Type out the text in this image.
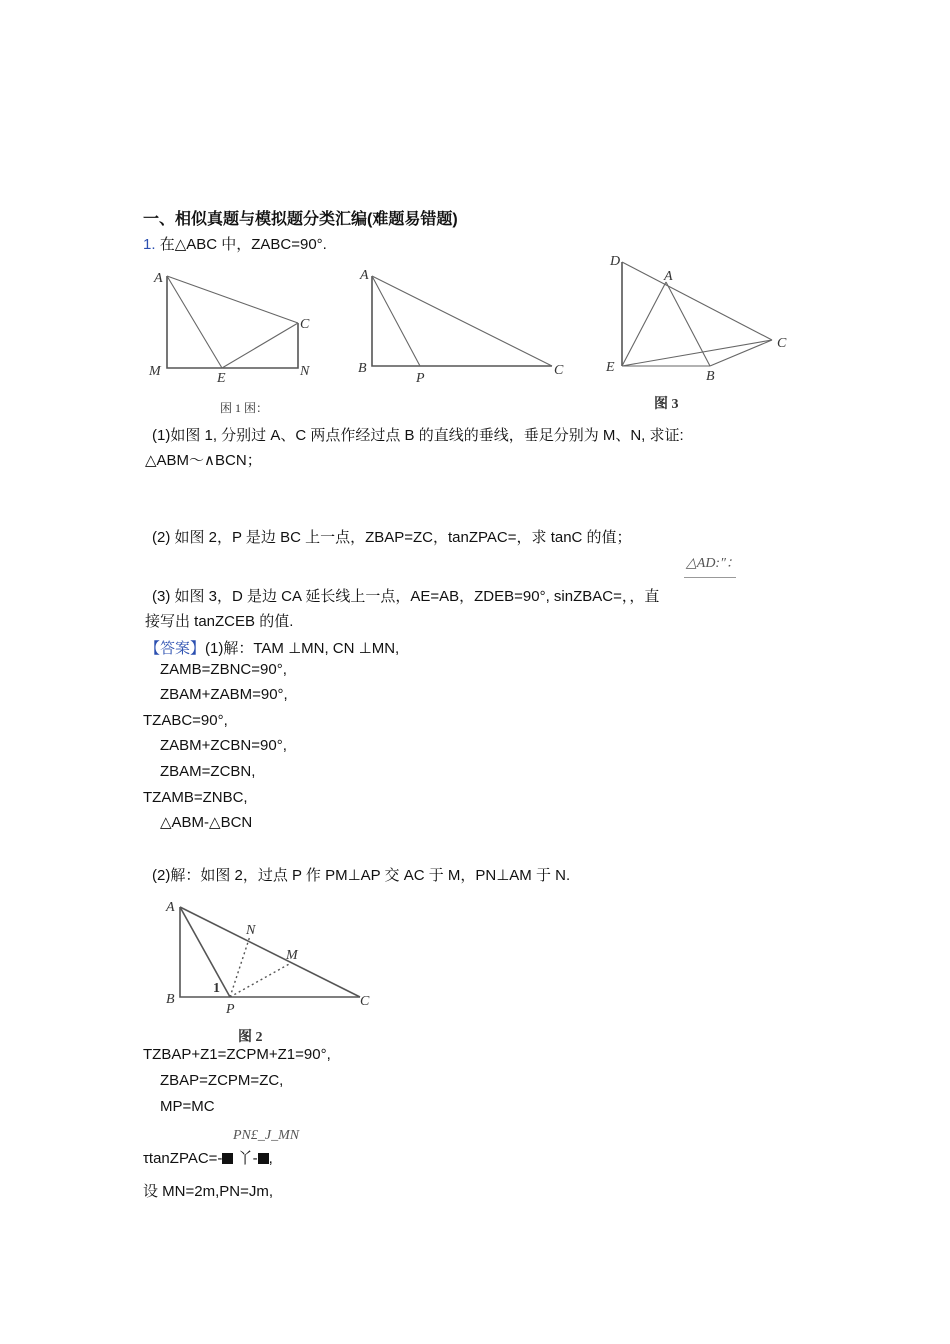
一、相似真题与模拟题分类汇编(难题易错题)
1. 在△ABC 中，ZABC=90°.
A
C
M	E	N
困 1 困：
A
B
P
C
D
A
C
E
B
图 3
(1)如图 1, 分别过 A、C 两点作经过点 B 的直线的垂线，垂足分别为 M、N, 求证:
△ABM〜∧BCN；
(2) 如图 2，P 是边 BC 上一点，ZBAP=ZC，tanZPAC=，求 tanC 的值；
△AD:″：
(3) 如图 3，D 是边 CA 延长线上一点，AE=AB，ZDEB=90°, sinZBAC=，，直
接写出 tanZCEB 的值.
【答案】(1)解：TAM ⊥MN, CN ⊥MN,
ZAMB=ZBNC=90°,
ZBAM+ZABM=90°,
TZABC=90°,
ZABM+ZCBN=90°,
ZBAM=ZCBN,
TZAMB=ZNBC,
△ABM-△BCN
(2)解：如图 2，过点 P 作 PM⊥AP 交 AC 于 M，PN⊥AM 于 N.
A
N
M
B
1
P
C
图 2
TZBAP+Z1=ZCPM+Z1=90°,
ZBAP=ZCPM=ZC,
MP=MC
PN£_J_MN
τtanZPAC=- 丫- ,
设 MN=2m,PN=Jm,
